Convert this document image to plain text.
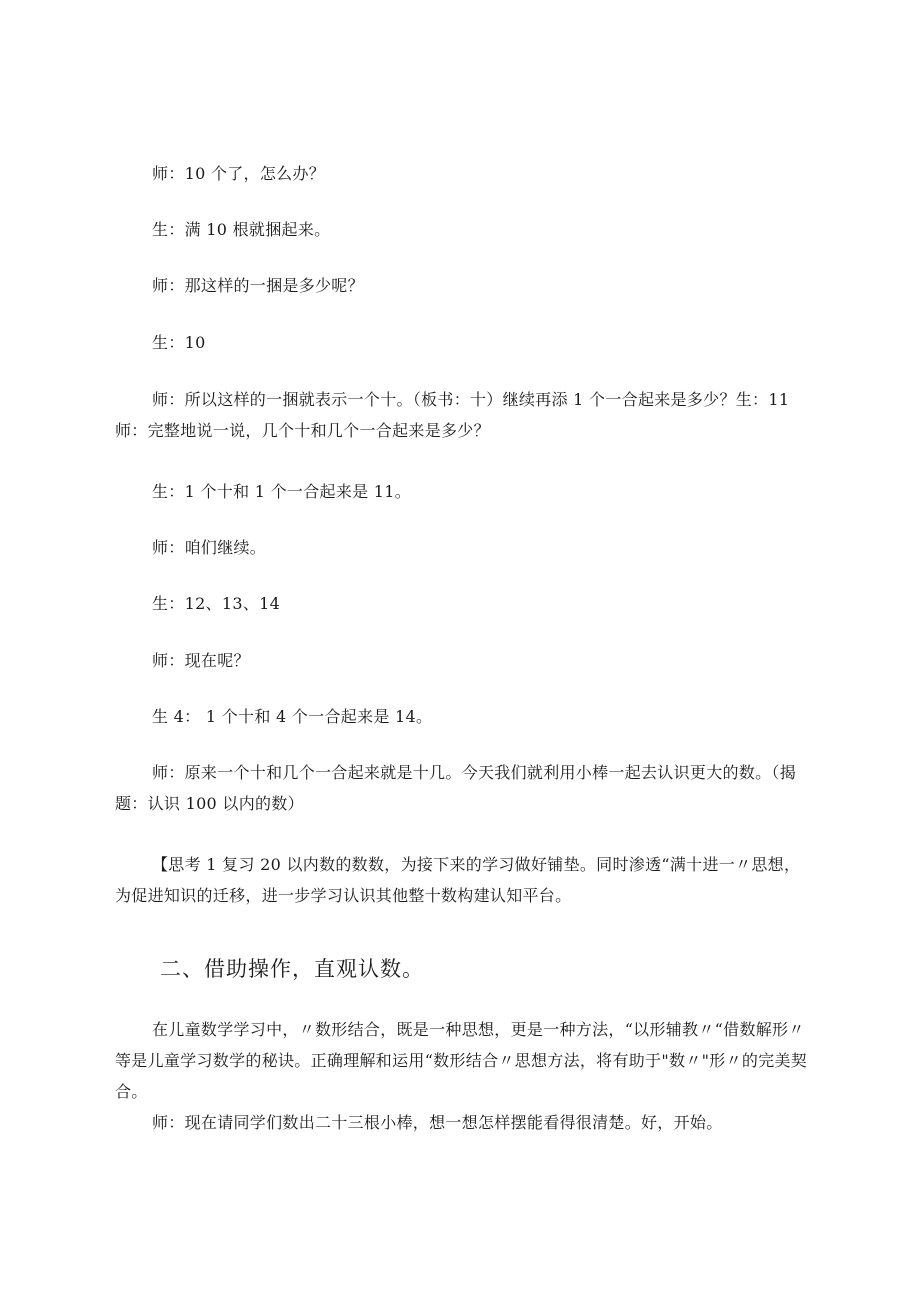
师：10 个了，怎么办？

生：满 10 根就捆起来。

师：那这样的一捆是多少呢？

生：10

师：所以这样的一捆就表示一个十。（板书：十）继续再添 1 个一合起来是多少？生：11 师：完整地说一说，几个十和几个一合起来是多少？

生：1 个十和 1 个一合起来是 11。

师：咱们继续。

生：12、13、14

师：现在呢？

生 4： 1 个十和 4 个一合起来是 14。

师：原来一个十和几个一合起来就是十几。今天我们就利用小棒一起去认识更大的数。（揭题：认识 100 以内的数）

【思考 1 复习 20 以内数的数数，为接下来的学习做好铺垫。同时渗透“满十进一〃思想，为促进知识的迁移，进一步学习认识其他整十数构建认知平台。

二、借助操作，直观认数。

在儿童数学学习中，〃数形结合，既是一种思想，更是一种方法，“以形辅教〃“借数解形〃等是儿童学习数学的秘诀。正确理解和运用“数形结合〃思想方法，将有助于"数〃"形〃的完美契合。

师：现在请同学们数出二十三根小棒，想一想怎样摆能看得很清楚。好，开始。
